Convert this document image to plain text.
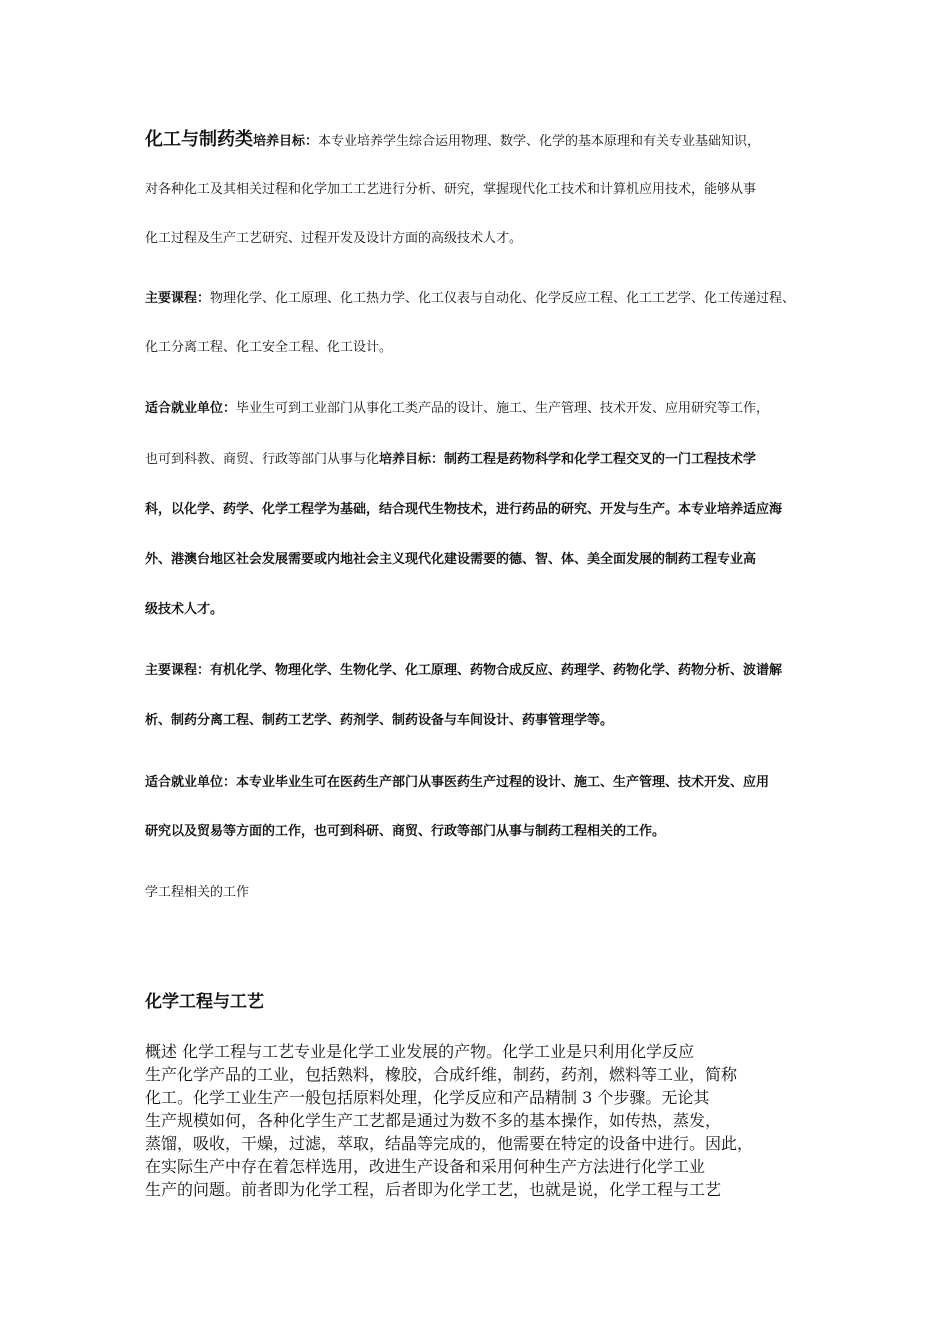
化工与制药类培养目标：本专业培养学生综合运用物理、数学、化学的基本原理和有关专业基础知识，
对各种化工及其相关过程和化学加工工艺进行分析、研究，掌握现代化工技术和计算机应用技术，能够从事
化工过程及生产工艺研究、过程开发及设计方面的高级技术人才。
主要课程：物理化学、化工原理、化工热力学、化工仪表与自动化、化学反应工程、化工工艺学、化工传递过程、
化工分离工程、化工安全工程、化工设计。
适合就业单位：毕业生可到工业部门从事化工类产品的设计、施工、生产管理、技术开发、应用研究等工作，
也可到科教、商贸、行政等部门从事与化培养目标：制药工程是药物科学和化学工程交叉的一门工程技术学
科，以化学、药学、化学工程学为基础，结合现代生物技术，进行药品的研究、开发与生产。本专业培养适应海
外、港澳台地区社会发展需要或内地社会主义现代化建设需要的德、智、体、美全面发展的制药工程专业高
级技术人才。
主要课程：有机化学、物理化学、生物化学、化工原理、药物合成反应、药理学、药物化学、药物分析、波谱解
析、制药分离工程、制药工艺学、药剂学、制药设备与车间设计、药事管理学等。
适合就业单位：本专业毕业生可在医药生产部门从事医药生产过程的设计、施工、生产管理、技术开发、应用
研究以及贸易等方面的工作，也可到科研、商贸、行政等部门从事与制药工程相关的工作。
学工程相关的工作
化学工程与工艺
概述 化学工程与工艺专业是化学工业发展的产物。化学工业是只利用化学反应
生产化学产品的工业，包括熟料，橡胶，合成纤维，制药，药剂，燃料等工业，简称
化工。化学工业生产一般包括原料处理，化学反应和产品精制 3 个步骤。无论其
生产规模如何，各种化学生产工艺都是通过为数不多的基本操作，如传热，蒸发，
蒸馏，吸收，干燥，过滤，萃取，结晶等完成的，他需要在特定的设备中进行。因此，
在实际生产中存在着怎样选用，改进生产设备和采用何种生产方法进行化学工业
生产的问题。前者即为化学工程，后者即为化学工艺，也就是说，化学工程与工艺
